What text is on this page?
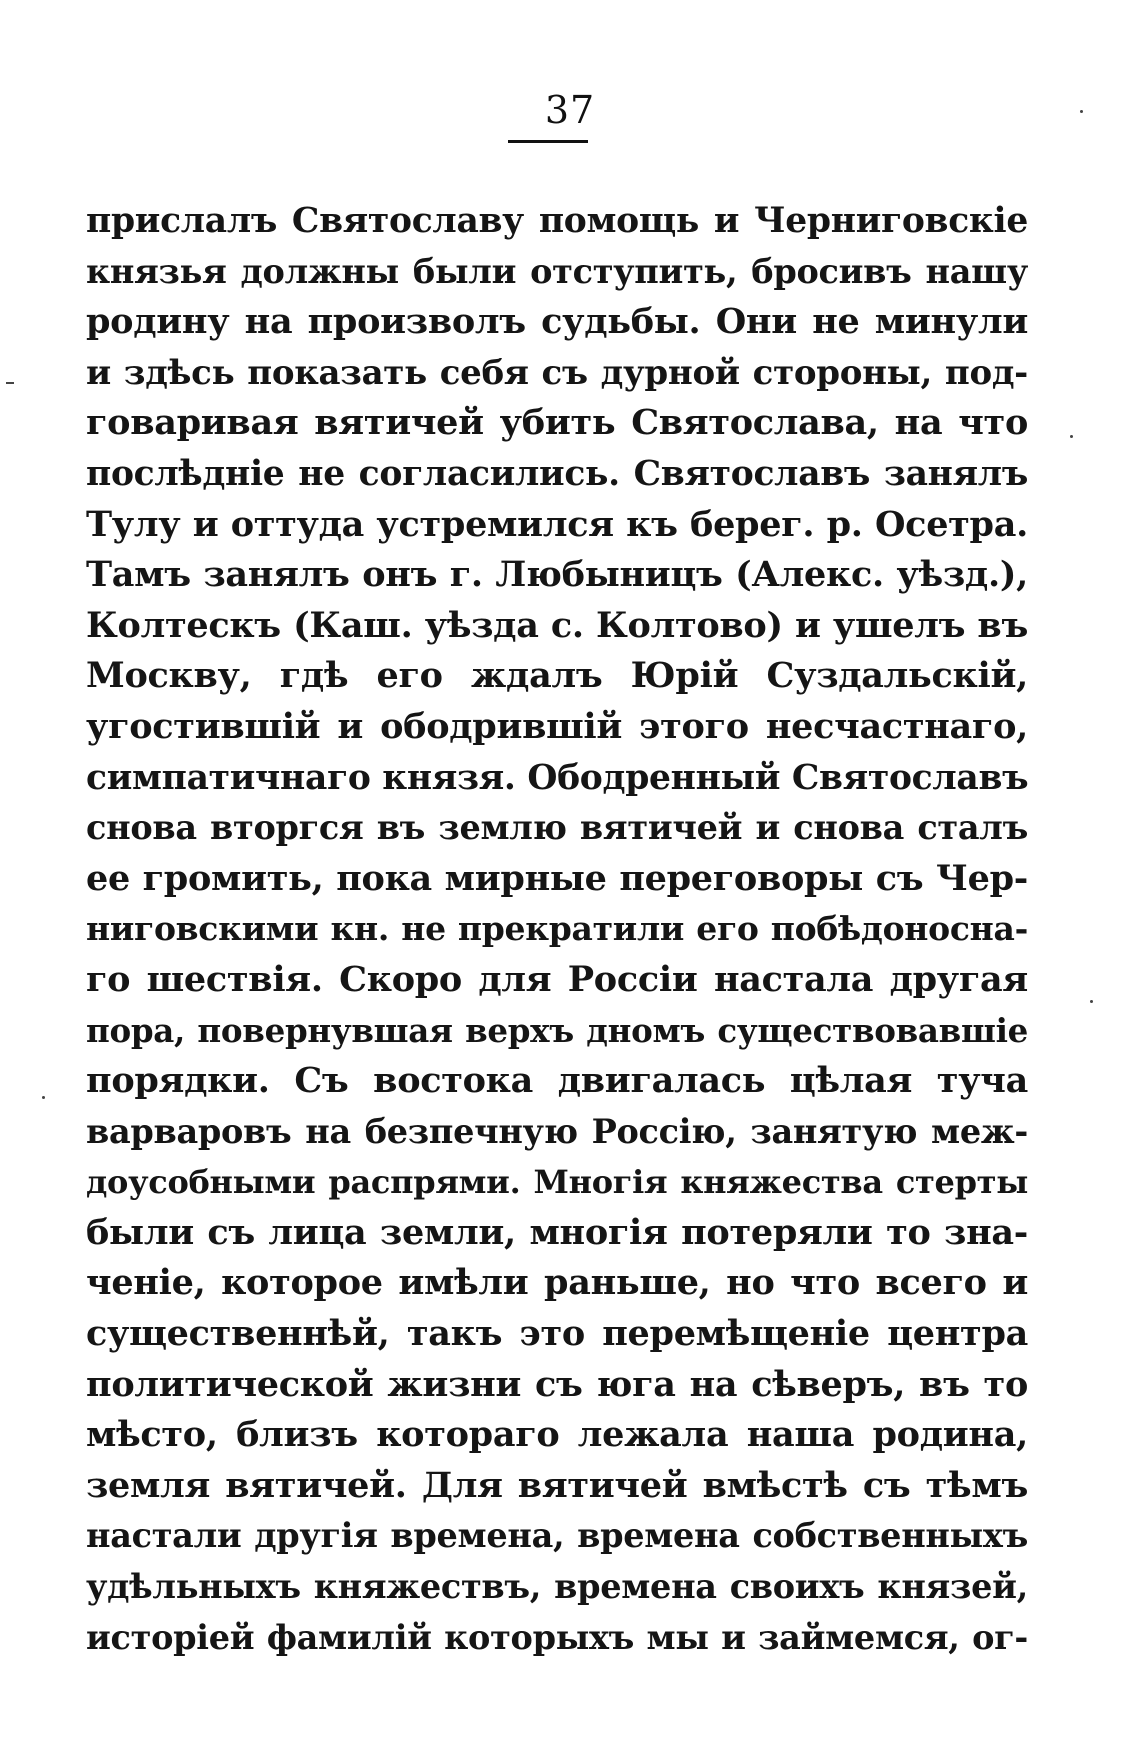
37
прислалъ Святославу помощь и Черниговскіе
князья должны были отступить, бросивъ нашу
родину на произволъ судьбы. Они не минули
и здѣсь показать себя съ дурной стороны, под-
говаривая вятичей убить Святослава, на что
послѣдніе не согласились. Святославъ занялъ
Тулу и оттуда устремился къ берег. р. Осетра.
Тамъ занялъ онъ г. Любыницъ (Алекс. уѣзд.),
Колтескъ (Каш. уѣзда с. Колтово) и ушелъ въ
Москву, гдѣ его ждалъ Юрій Суздальскій,
угостившій и ободрившій этого несчастнаго,
симпатичнаго князя. Ободренный Святославъ
снова вторгся въ землю вятичей и снова сталъ
ее громить, пока мирные переговоры съ Чер-
ниговскими кн. не прекратили его побѣдоносна-
го шествія. Скоро для Россіи настала другая
пора, повернувшая верхъ дномъ существовавшіе
порядки. Съ востока двигалась цѣлая туча
варваровъ на безпечную Россію, занятую меж-
доусобными распрями. Многія княжества стерты
были съ лица земли, многія потеряли то зна-
ченіе, которое имѣли раньше, но что всего и
существеннѣй, такъ это перемѣщеніе центра
политической жизни съ юга на сѣверъ, въ то
мѣсто, близъ котораго лежала наша родина,
земля вятичей. Для вятичей вмѣстѣ съ тѣмъ
настали другія времена, времена собственныхъ
удѣльныхъ княжествъ, времена своихъ князей,
исторіей фамилій которыхъ мы и займемся, ог-
